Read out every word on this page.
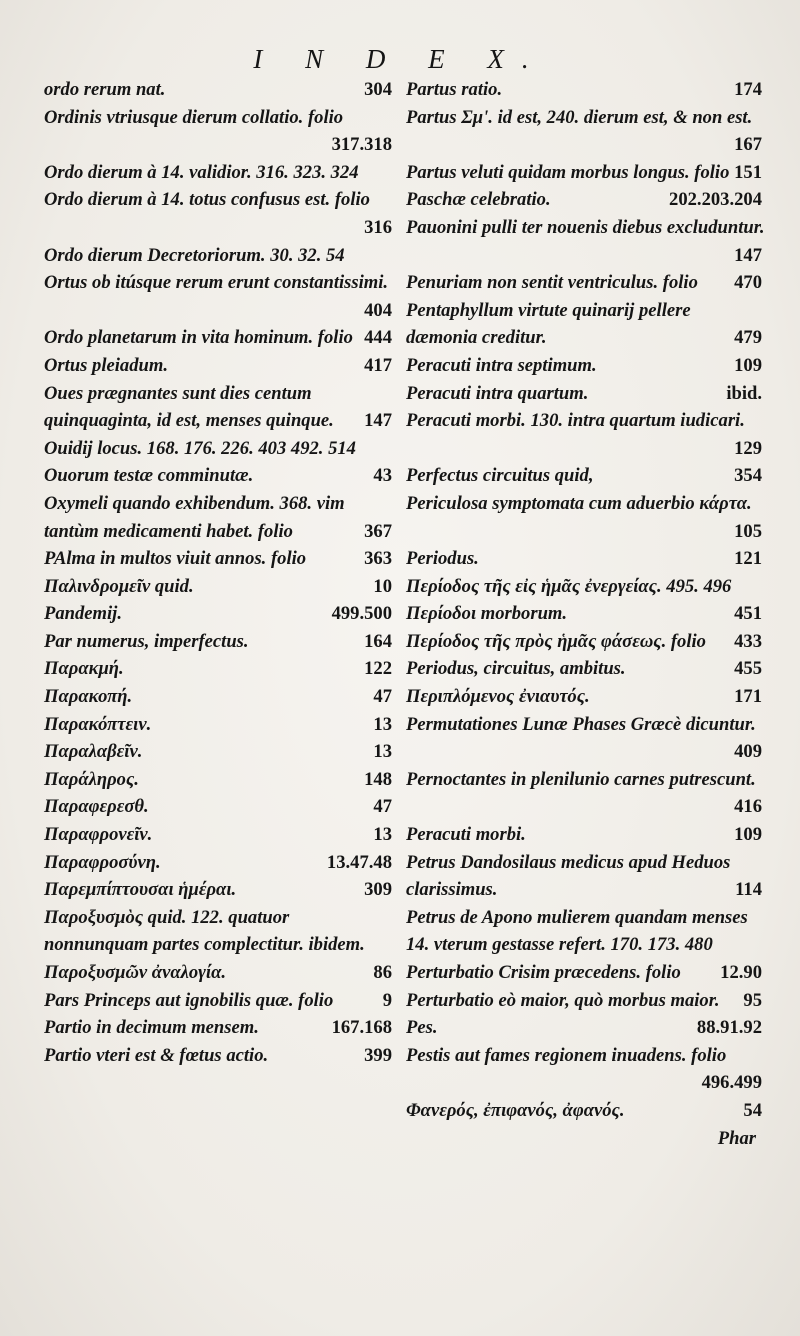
I N D E X.
ordo rerum nat.	304
Ordinis vtriusque dierum collatio. folio
317.318
Ordo dierum à 14. validior. 316. 323. 324
Ordo dierum à 14. totus confusus est. folio
316
Ordo dierum Decretoriorum. 30. 32. 54
Ortus ob itúsque rerum erunt constantissimi.
404
Ordo planetarum in vita hominum. folio 444
Ortus pleiadum.	417
Oues prægnantes sunt dies centum quinquaginta, id est, menses quinque. 147
Ouidij locus. 168. 176. 226. 403 492. 514
Ouorum testæ comminutæ.	43
Oxymeli quando exhibendum. 368. vim tantùm medicamenti habet. folio	367
PAlma in multos viuit annos. folio	363
Παλινδρομεῖν quid.	10
Pandemij.	499.500
Par numerus, imperfectus.	164
Παρακμή.	122
Παρακοπή.	47
Παρακόπτειν.	13
Παραλαβεῖν.	13
Παράληρος.	148
Παραφερεσθ.	47
Παραφρονεῖν.	13
Παραφροσύνη.	13.47.48
Παρεμπίπτουσαι ἡμέραι.	309
Παροξυσμὸς quid. 122. quatuor nonnunquam partes complectitur. ibidem.
Παροξυσμῶν ἀναλογία.	86
Pars Princeps aut ignobilis quæ. folio	9
Partio in decimum mensem.	167.168
Partio vteri est & fœtus actio.	399
Partus ratio.	174
Partus Σμ'. id est, 240. dierum est, & non est.
167
Partus veluti quidam morbus longus. folio 151
Paschæ celebratio.	202.203.204
Pauonini pulli ter nouenis diebus excluduntur.
147
Penuriam non sentit ventriculus. folio 470
Pentaphyllum virtute quinarij pellere dæmonia creditur.	479
Peracuti intra septimum.	109
Peracuti intra quartum.	ibid.
Peracuti morbi. 130. intra quartum iudicari.
129
Perfectus circuitus quid,	354
Periculosa symptomata cum aduerbio κάρτα.
105
Periodus.	121
Περίοδος τῆς εἰς ἡμᾶς ἐνεργείας. 495. 496
Περίοδοι morborum.	451
Περίοδος τῆς πρὸς ἡμᾶς φάσεως. folio 433
Periodus, circuitus, ambitus.	455
Περιπλόμενος ἐνιαυτός.	171
Permutationes Lunæ Phases Græcè dicuntur.
409
Pernoctantes in plenilunio carnes putrescunt.
416
Peracuti morbi.	109
Petrus Dandosilaus medicus apud Heduos clarissimus.	114
Petrus de Apono mulierem quandam menses 14. vterum gestasse refert. 170. 173. 480
Perturbatio Crisim præcedens. folio 12.90
Perturbatio eò maior, quò morbus maior. 95
Pes.	88.91.92
Pestis aut fames regionem inuadens. folio
496.499
Φανερός, ἐπιφανός, ἀφανός.	54
Phar
